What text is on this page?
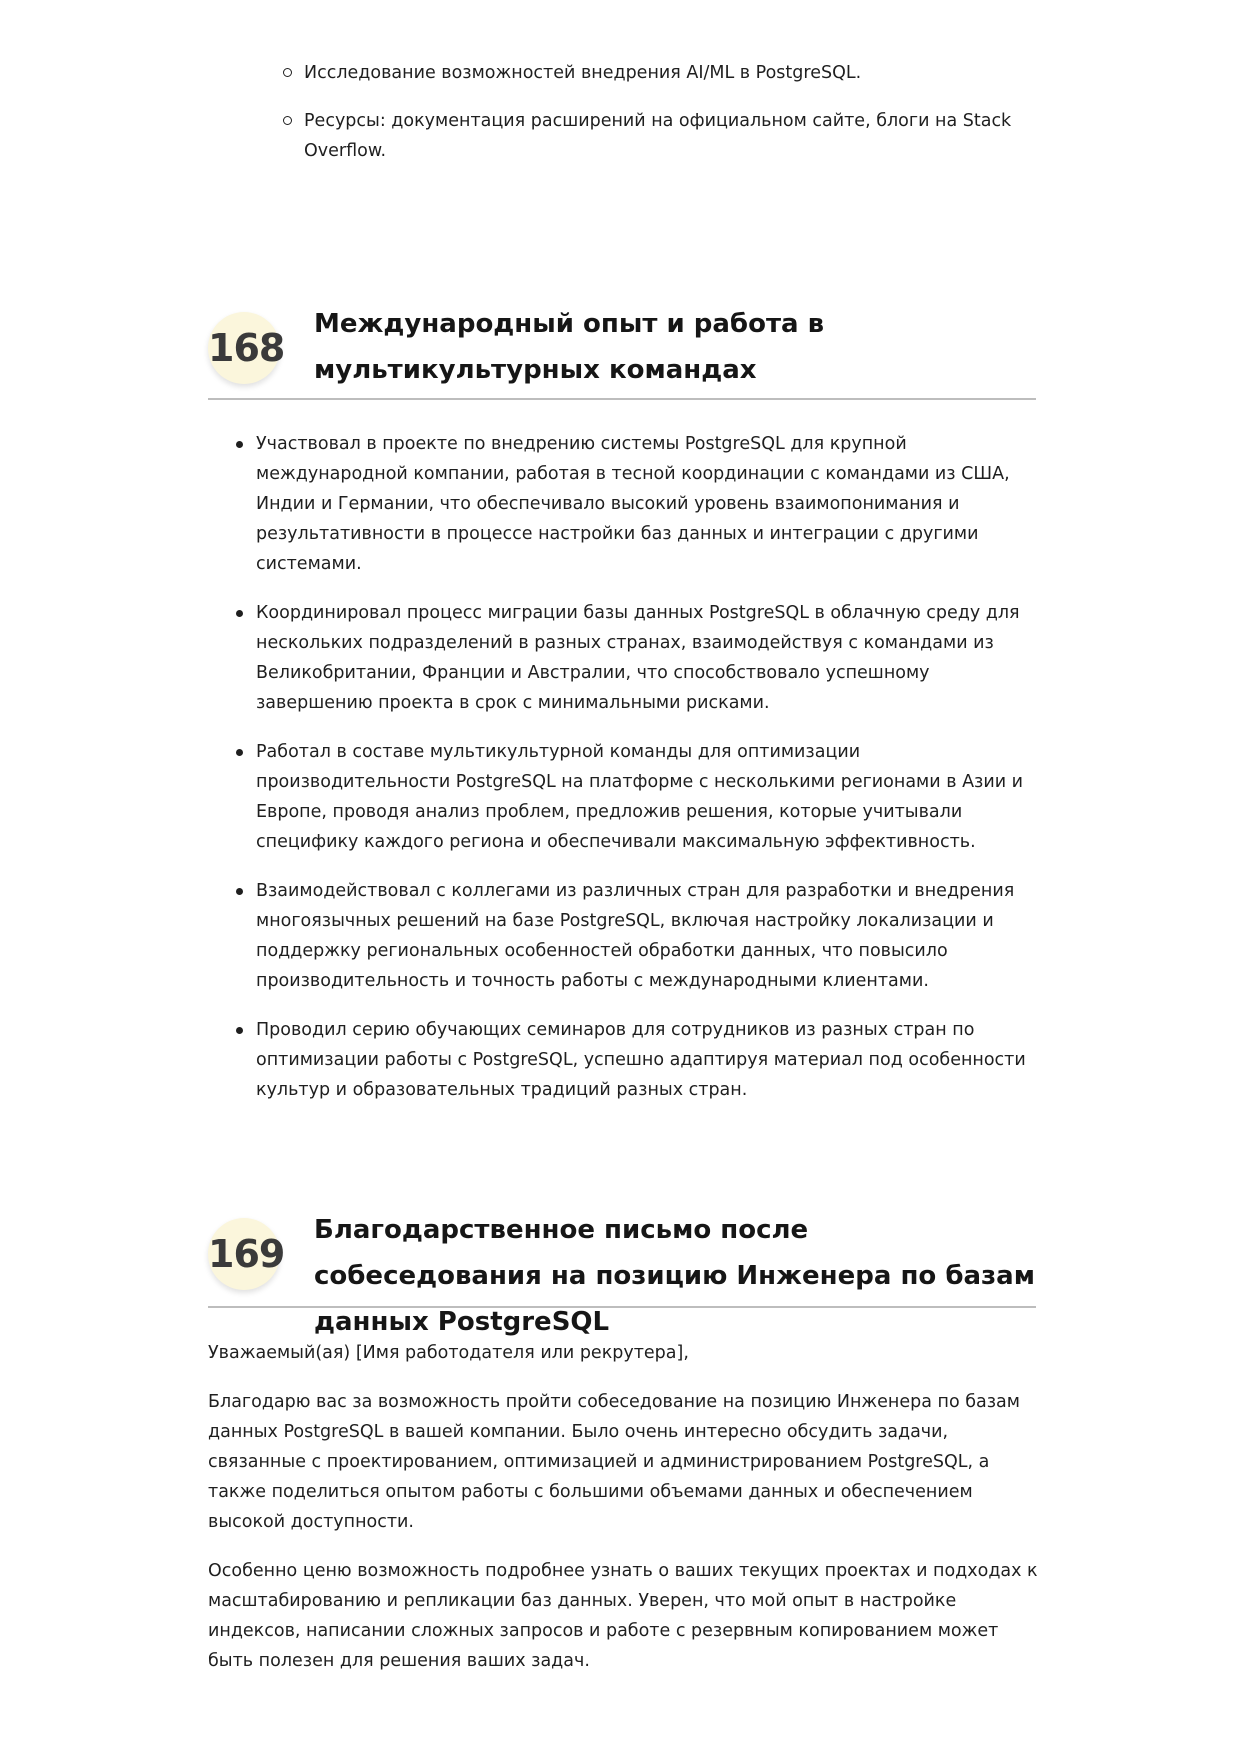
Исследование возможностей внедрения AI/ML в PostgreSQL.
Ресурсы: документация расширений на официальном сайте, блоги на Stack Overflow.
168
Международный опыт и работа в мультикультурных командах
Участвовал в проекте по внедрению системы PostgreSQL для крупной международной компании, работая в тесной координации с командами из США, Индии и Германии, что обеспечивало высокий уровень взаимопонимания и результативности в процессе настройки баз данных и интеграции с другими системами.
Координировал процесс миграции базы данных PostgreSQL в облачную среду для нескольких подразделений в разных странах, взаимодействуя с командами из Великобритании, Франции и Австралии, что способствовало успешному завершению проекта в срок с минимальными рисками.
Работал в составе мультикультурной команды для оптимизации производительности PostgreSQL на платформе с несколькими регионами в Азии и Европе, проводя анализ проблем, предложив решения, которые учитывали специфику каждого региона и обеспечивали максимальную эффективность.
Взаимодействовал с коллегами из различных стран для разработки и внедрения многоязычных решений на базе PostgreSQL, включая настройку локализации и поддержку региональных особенностей обработки данных, что повысило производительность и точность работы с международными клиентами.
Проводил серию обучающих семинаров для сотрудников из разных стран по оптимизации работы с PostgreSQL, успешно адаптируя материал под особенности культур и образовательных традиций разных стран.
169
Благодарственное письмо после собеседования на позицию Инженера по базам данных PostgreSQL

Уважаемый(ая) [Имя работодателя или рекрутера],

Благодарю вас за возможность пройти собеседование на позицию Инженера по базам данных PostgreSQL в вашей компании. Было очень интересно обсудить задачи, связанные с проектированием, оптимизацией и администрированием PostgreSQL, а также поделиться опытом работы с большими объемами данных и обеспечением высокой доступности.

Особенно ценю возможность подробнее узнать о ваших текущих проектах и подходах к масштабированию и репликации баз данных. Уверен, что мой опыт в настройке индексов, написании сложных запросов и работе с резервным копированием может быть полезен для решения ваших задач.
